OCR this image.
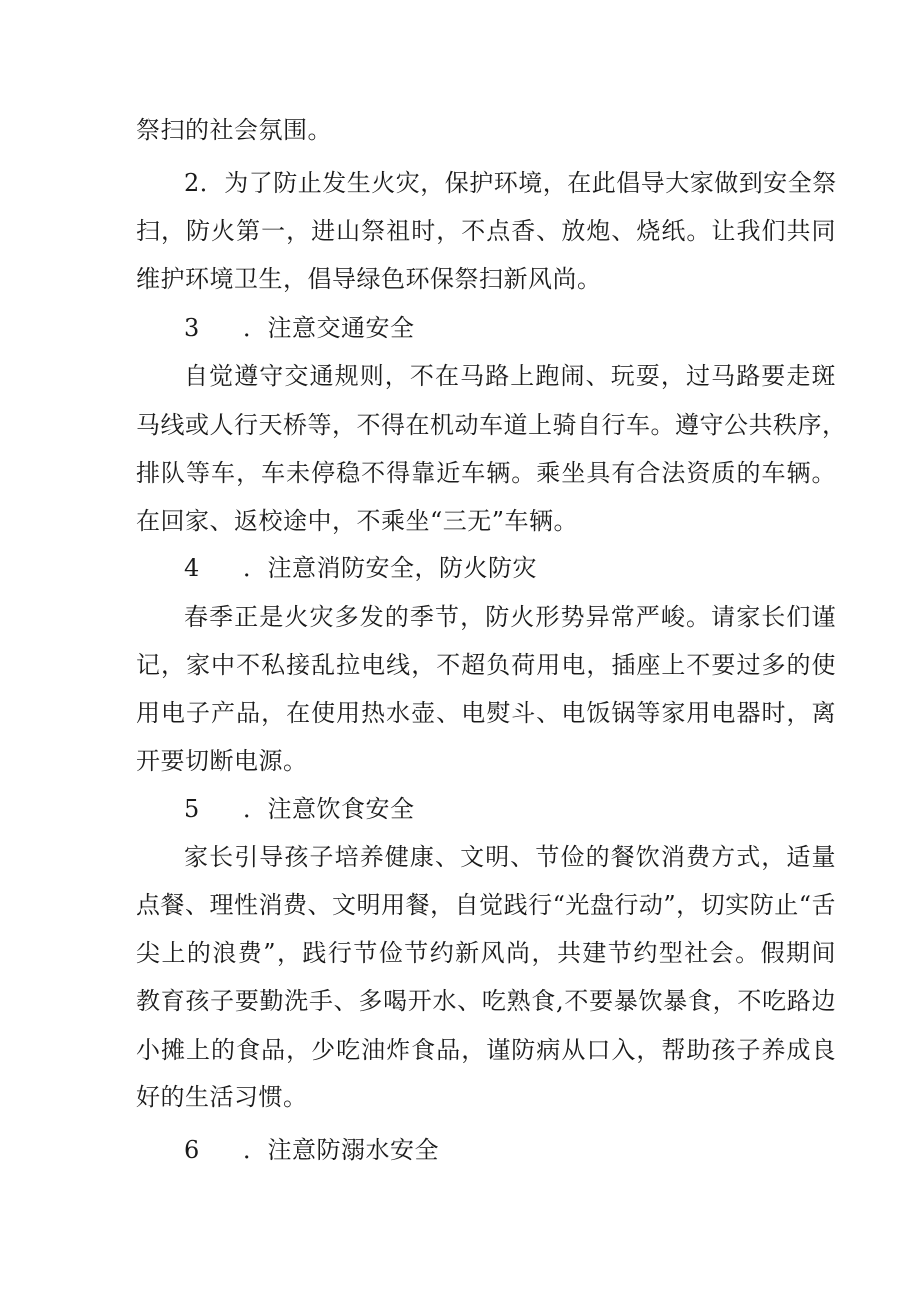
祭扫的社会氛围。
2．为了防止发生火灾，保护环境，在此倡导大家做到安全祭
扫，防火第一，进山祭祖时，不点香、放炮、烧纸。让我们共同
维护环境卫生，倡导绿色环保祭扫新风尚。
3 ．注意交通安全
自觉遵守交通规则，不在马路上跑闹、玩耍，过马路要走斑
马线或人行天桥等，不得在机动车道上骑自行车。遵守公共秩序，
排队等车，车未停稳不得靠近车辆。乘坐具有合法资质的车辆。
在回家、返校途中，不乘坐“三无”车辆。
4 ．注意消防安全，防火防灾
春季正是火灾多发的季节，防火形势异常严峻。请家长们谨
记，家中不私接乱拉电线，不超负荷用电，插座上不要过多的使
用电子产品，在使用热水壶、电熨斗、电饭锅等家用电器时，离
开要切断电源。
5 ．注意饮食安全
家长引导孩子培养健康、文明、节俭的餐饮消费方式，适量
点餐、理性消费、文明用餐，自觉践行“光盘行动”，切实防止“舌
尖上的浪费”，践行节俭节约新风尚，共建节约型社会。假期间
教育孩子要勤洗手、多喝开水、吃熟食,不要暴饮暴食，不吃路边
小摊上的食品，少吃油炸食品，谨防病从口入，帮助孩子养成良
好的生活习惯。
6 ．注意防溺水安全
